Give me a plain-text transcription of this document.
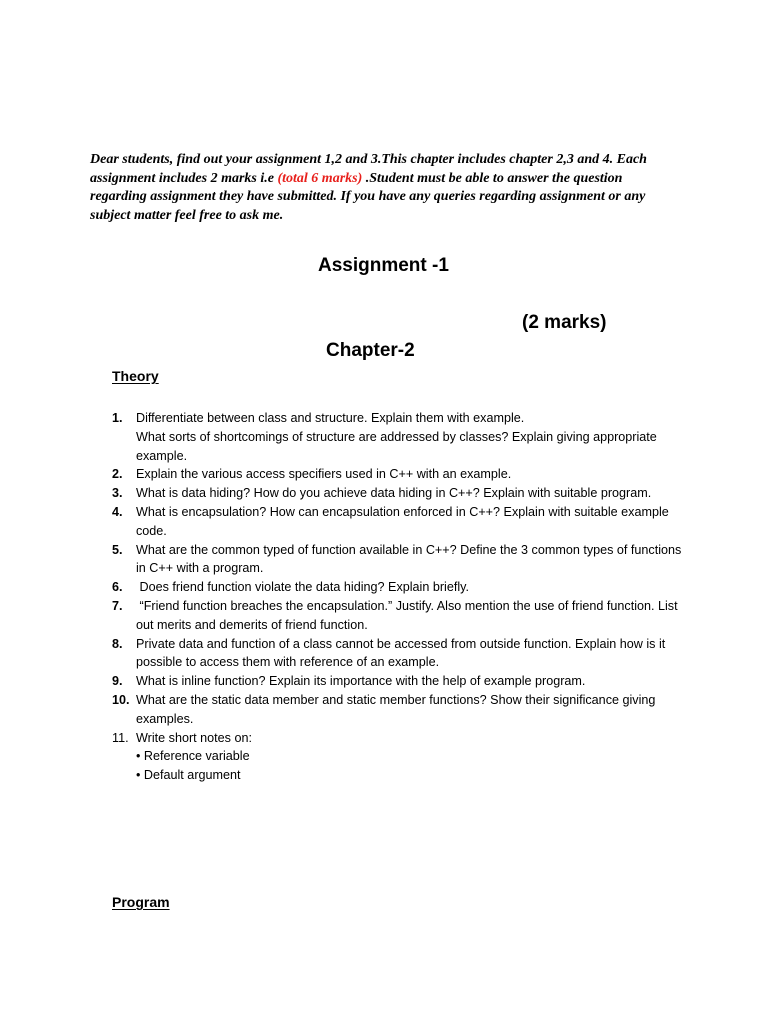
Dear students, find out your assignment 1,2 and 3.This chapter includes chapter 2,3 and 4. Each assignment includes 2 marks i.e (total 6 marks) .Student must be able to answer the question regarding assignment they have submitted. If you have any queries regarding assignment or any subject matter feel free to ask me.

Assignment -1
(2 marks)
Chapter-2
Theory
1. Differentiate between class and structure. Explain them with example.
What sorts of shortcomings of structure are addressed by classes? Explain giving appropriate example.
2. Explain the various access specifiers used in C++ with an example.
3. What is data hiding? How do you achieve data hiding in C++? Explain with suitable program.
4. What is encapsulation? How can encapsulation enforced in C++? Explain with suitable example code.
5. What are the common typed of function available in C++? Define the 3 common types of functions in C++ with a program.
6. Does friend function violate the data hiding? Explain briefly.
7. “Friend function breaches the encapsulation.” Justify. Also mention the use of friend function. List out merits and demerits of friend function.
8. Private data and function of a class cannot be accessed from outside function. Explain how is it possible to access them with reference of an example.
9. What is inline function? Explain its importance with the help of example program.
10. What are the static data member and static member functions? Show their significance giving examples.
11. Write short notes on:
• Reference variable
• Default argument
Program
